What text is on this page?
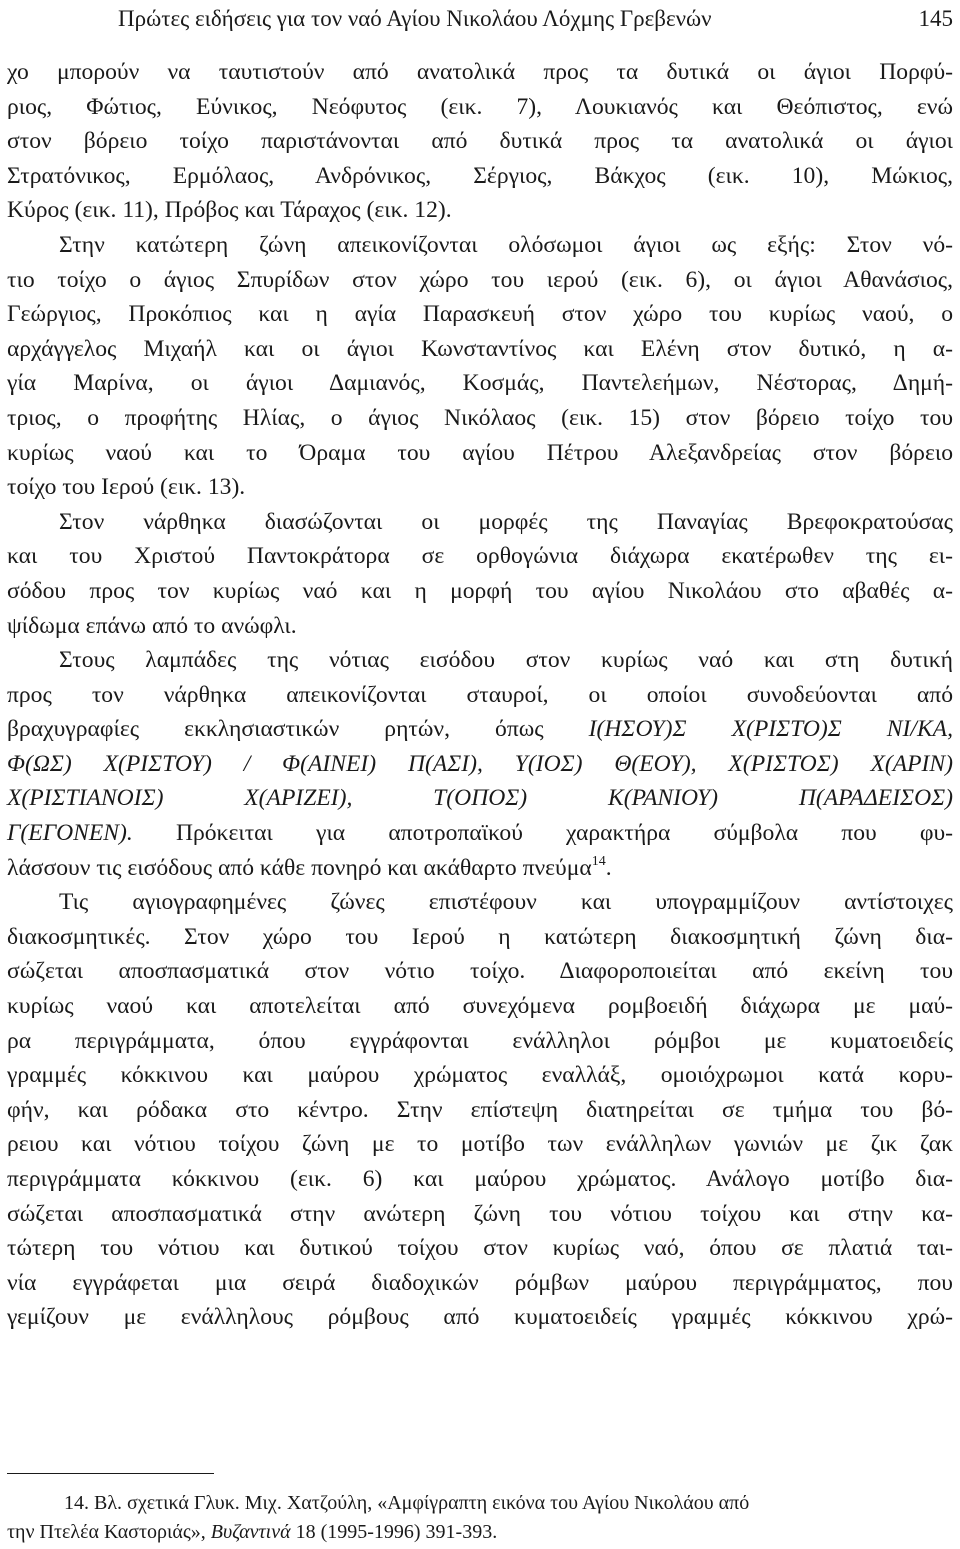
Πρώτες ειδήσεις για τον ναό Αγίου Νικολάου Λόχμης Γρεβενών	145
χο μπορούν να ταυτιστούν από ανατολικά προς τα δυτικά οι άγιοι Πορφύ-
ριος, Φώτιος, Εύνικος, Νεόφυτος (εικ. 7), Λουκιανός και Θεόπιστος, ενώ
στον βόρειο τοίχο παριστάνονται από δυτικά προς τα ανατολικά οι άγιοι
Στρατόνικος, Ερμόλαος, Ανδρόνικος, Σέργιος, Βάκχος (εικ. 10), Μώκιος,
Κύρος (εικ. 11), Πρόβος και Τάραχος (εικ. 12).
Στην κατώτερη ζώνη απεικονίζονται ολόσωμοι άγιοι ως εξής: Στον νό-
τιο τοίχο ο άγιος Σπυρίδων στον χώρο του ιερού (εικ. 6), οι άγιοι Αθανάσιος,
Γεώργιος, Προκόπιος και η αγία Παρασκευή στον χώρο του κυρίως ναού, ο
αρχάγγελος Μιχαήλ και οι άγιοι Κωνσταντίνος και Ελένη στον δυτικό, η α-
γία Μαρίνα, οι άγιοι Δαμιανός, Κοσμάς, Παντελεήμων, Νέστορας, Δημή-
τριος, ο προφήτης Ηλίας, ο άγιος Νικόλαος (εικ. 15) στον βόρειο τοίχο του
κυρίως ναού και το Όραμα του αγίου Πέτρου Αλεξανδρείας στον βόρειο
τοίχο του Ιερού (εικ. 13).
Στον νάρθηκα διασώζονται οι μορφές της Παναγίας Βρεφοκρατούσας
και του Χριστού Παντοκράτορα σε ορθογώνια διάχωρα εκατέρωθεν της ει-
σόδου προς τον κυρίως ναό και η μορφή του αγίου Νικολάου στο αβαθές α-
ψίδωμα επάνω από το ανώφλι.
Στους λαμπάδες της νότιας εισόδου στον κυρίως ναό και στη δυτική
προς τον νάρθηκα απεικονίζονται σταυροί, οι οποίοι συνοδεύονται από
βραχυγραφίες εκκλησιαστικών ρητών, όπως Ι(ΗΣΟΥ)Σ Χ(ΡΙΣΤΟ)Σ ΝΙ/ΚΑ,
Φ(ΩΣ) Χ(ΡΙΣΤΟΥ) / Φ(ΑΙΝΕΙ) Π(ΑΣΙ), Υ(ΙΟΣ) Θ(ΕΟΥ), Χ(ΡΙΣΤΟΣ) Χ(ΑΡΙΝ)
Χ(ΡΙΣΤΙΑΝΟΙΣ) Χ(ΑΡΙΖΕΙ), Τ(ΟΠΟΣ) Κ(ΡΑΝΙΟΥ) Π(ΑΡΑΔΕΙΣΟΣ)
Γ(ΕΓΟΝΕΝ). Πρόκειται για αποτροπαϊκού χαρακτήρα σύμβολα που φυ-
λάσσουν τις εισόδους από κάθε πονηρό και ακάθαρτο πνεύμα$^{14}$.
Τις αγιογραφημένες ζώνες επιστέφουν και υπογραμμίζουν αντίστοιχες
διακοσμητικές. Στον χώρο του Ιερού η κατώτερη διακοσμητική ζώνη δια-
σώζεται αποσπασματικά στον νότιο τοίχο. Διαφοροποιείται από εκείνη του
κυρίως ναού και αποτελείται από συνεχόμενα ρομβοειδή διάχωρα με μαύ-
ρα περιγράμματα, όπου εγγράφονται ενάλληλοι ρόμβοι με κυματοειδείς
γραμμές κόκκινου και μαύρου χρώματος εναλλάξ, ομοιόχρωμοι κατά κορυ-
φήν, και ρόδακα στο κέντρο. Στην επίστεψη διατηρείται σε τμήμα του βό-
ρειου και νότιου τοίχου ζώνη με το μοτίβο των ενάλληλων γωνιών με ζικ ζακ
περιγράμματα κόκκινου (εικ. 6) και μαύρου χρώματος. Ανάλογο μοτίβο δια-
σώζεται αποσπασματικά στην ανώτερη ζώνη του νότιου τοίχου και στην κα-
τώτερη του νότιου και δυτικού τοίχου στον κυρίως ναό, όπου σε πλατιά ται-
νία εγγράφεται μια σειρά διαδοχικών ρόμβων μαύρου περιγράμματος, που
γεμίζουν με ενάλληλους ρόμβους από κυματοειδείς γραμμές κόκκινου χρώ-
14. Βλ. σχετικά Γλυκ. Μιχ. Χατζούλη, «Αμφίγραπτη εικόνα του Αγίου Νικολάου από
την Πτελέα Καστοριάς», Βυζαντινά 18 (1995-1996) 391-393.
